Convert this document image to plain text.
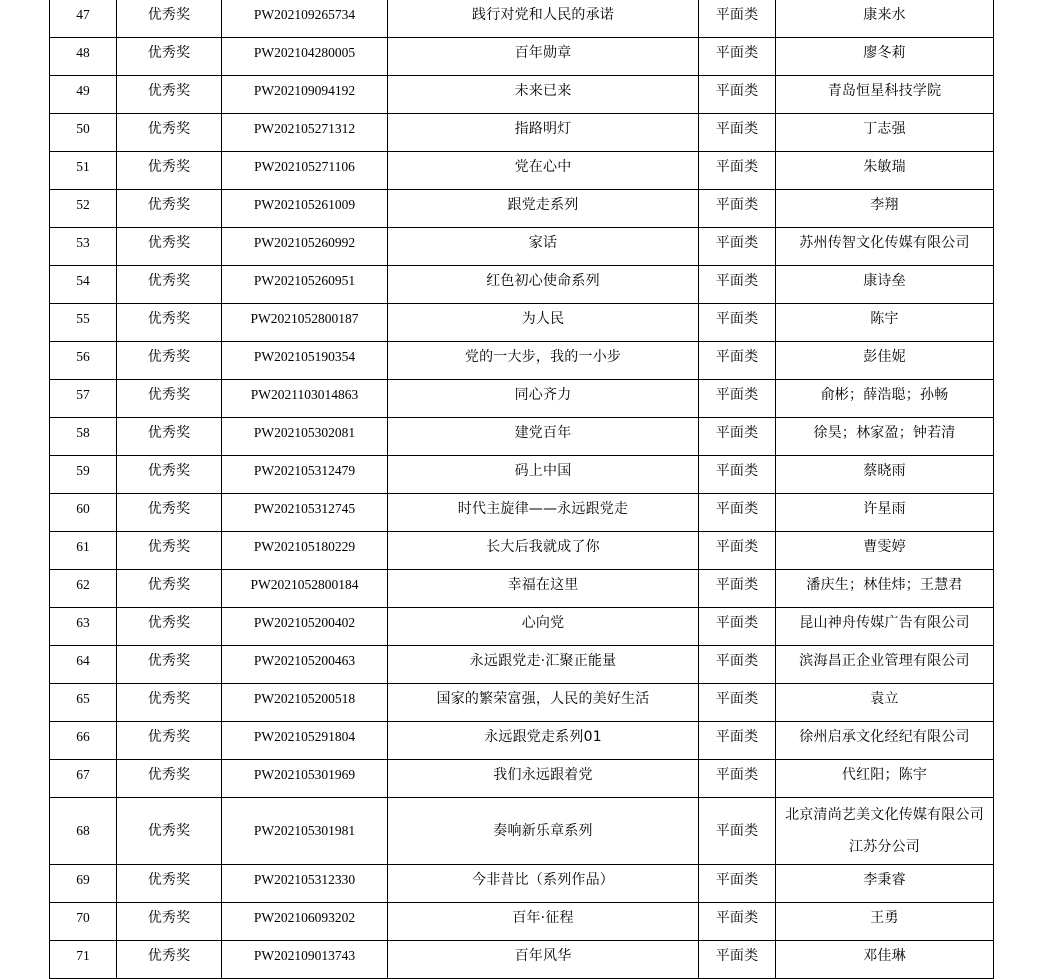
47	优秀奖	PW202109265734	践行对党和人民的承诺	平面类	康来水
48	优秀奖	PW202104280005	百年勋章	平面类	廖冬莉
49	优秀奖	PW202109094192	未来已来	平面类	青岛恒星科技学院
50	优秀奖	PW202105271312	指路明灯	平面类	丁志强
51	优秀奖	PW202105271106	党在心中	平面类	朱敏瑞
52	优秀奖	PW202105261009	跟党走系列	平面类	李翔
53	优秀奖	PW202105260992	家话	平面类	苏州传智文化传媒有限公司
54	优秀奖	PW202105260951	红色初心使命系列	平面类	康诗垒
55	优秀奖	PW2021052800187	为人民	平面类	陈宇
56	优秀奖	PW202105190354	党的一大步，我的一小步	平面类	彭佳妮
57	优秀奖	PW2021103014863	同心齐力	平面类	俞彬；薛浩聪；孙畅
58	优秀奖	PW202105302081	建党百年	平面类	徐昊；林家盈；钟若清
59	优秀奖	PW202105312479	码上中国	平面类	蔡晓雨
60	优秀奖	PW202105312745	时代主旋律——永远跟党走	平面类	许星雨
61	优秀奖	PW202105180229	长大后我就成了你	平面类	曹雯婷
62	优秀奖	PW2021052800184	幸福在这里	平面类	潘庆生；林佳炜；王慧君
63	优秀奖	PW202105200402	心向党	平面类	昆山神舟传媒广告有限公司
64	优秀奖	PW202105200463	永远跟党走·汇聚正能量	平面类	滨海昌正企业管理有限公司
65	优秀奖	PW202105200518	国家的繁荣富强，人民的美好生活	平面类	袁立
66	优秀奖	PW202105291804	永远跟党走系列01	平面类	徐州启承文化经纪有限公司
67	优秀奖	PW202105301969	我们永远跟着党	平面类	代红阳；陈宇
68	优秀奖	PW202105301981	奏响新乐章系列	平面类	北京清尚艺美文化传媒有限公司江苏分公司
69	优秀奖	PW202105312330	今非昔比（系列作品）	平面类	李秉睿
70	优秀奖	PW202106093202	百年·征程	平面类	王勇
71	优秀奖	PW202109013743	百年风华	平面类	邓佳琳
